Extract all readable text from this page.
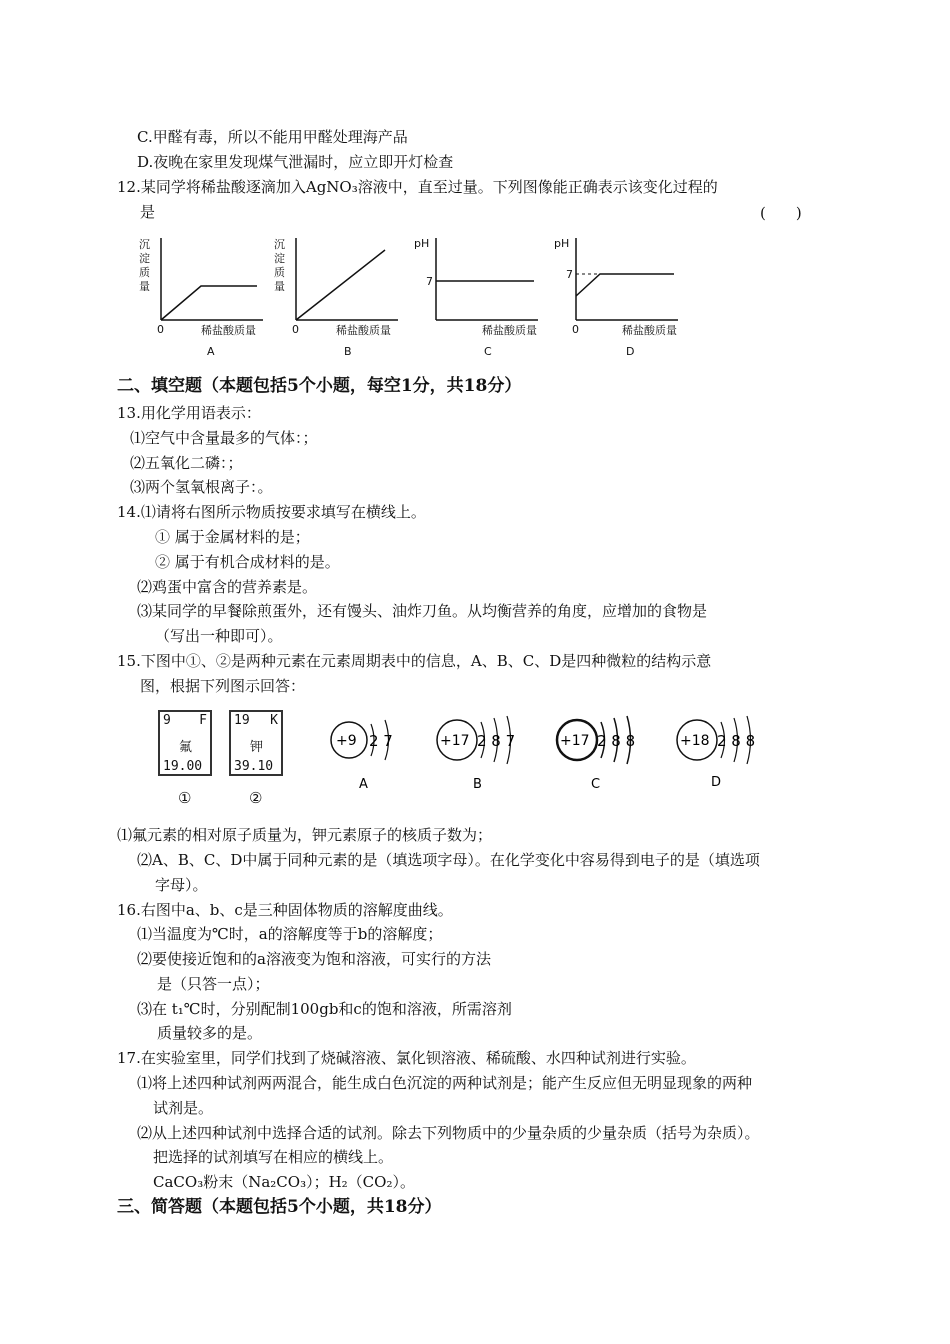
C.甲醛有毒，所以不能用甲醛处理海产品
D.夜晚在家里发现煤气泄漏时，应立即开灯检查
12.某同学将稀盐酸逐滴加入AgNO₃溶液中，直至过量。下列图像能正确表示该变化过程的
是	(　　)
沉
淀
质
量
0	稀盐酸质量
A
沉
淀
质
量
0	稀盐酸质量
B
pH
7
稀盐酸质量
C
pH
7
0	稀盐酸质量
D
二、填空题（本题包括5个小题，每空1分，共18分）
13.用化学用语表示：
⑴空气中含量最多的气体：；
⑵五氧化二磷：；
⑶两个氢氧根离子：。
14.⑴请将右图所示物质按要求填写在横线上。
① 属于金属材料的是；
② 属于有机合成材料的是。
⑵鸡蛋中富含的营养素是。
⑶某同学的早餐除煎蛋外，还有馒头、油炸刀鱼。从均衡营养的角度，应增加的食物是
（写出一种即可）。
15.下图中①、②是两种元素在元素周期表中的信息，A、B、C、D是四种微粒的结构示意
图，根据下列图示回答：
9 F
氟
19.00
①
19 K
钾
39.10
②
+9 2 7
A
+17 2 8 7
B
+17 2 8 8
C
+18 2 8 8
D
⑴氟元素的相对原子质量为，钾元素原子的核质子数为；
⑵A、B、C、D中属于同种元素的是（填选项字母）。在化学变化中容易得到电子的是（填选项
字母）。
16.右图中a、b、c是三种固体物质的溶解度曲线。
⑴当温度为℃时，a的溶解度等于b的溶解度；
⑵要使接近饱和的a溶液变为饱和溶液，可实行的方法
是（只答一点）；
⑶在 t₁℃时，分别配制100gb和c的饱和溶液，所需溶剂
质量较多的是。
17.在实验室里，同学们找到了烧碱溶液、氯化钡溶液、稀硫酸、水四种试剂进行实验。
⑴将上述四种试剂两两混合，能生成白色沉淀的两种试剂是；能产生反应但无明显现象的两种
试剂是。
⑵从上述四种试剂中选择合适的试剂。除去下列物质中的少量杂质的少量杂质（括号为杂质）。
把选择的试剂填写在相应的横线上。
CaCO₃粉末（Na₂CO₃）；H₂（CO₂）。
三、简答题（本题包括5个小题，共18分）
